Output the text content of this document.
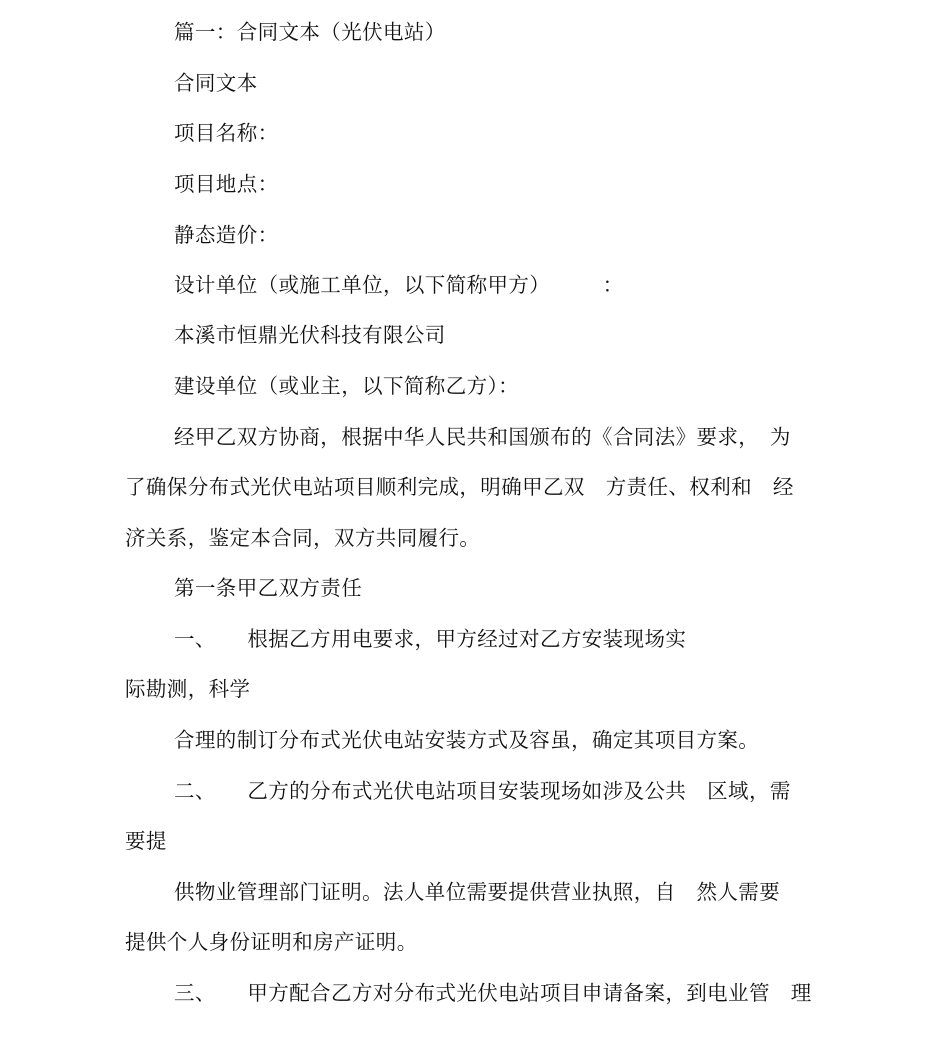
篇一：合同文本（光伏电站）
合同文本
项目名称：
项目地点：
静态造价：
设计单位（或施工单位，以下简称甲方）　　　：
本溪市恒鼎光伏科技有限公司
建设单位（或业主，以下简称乙方）：
经甲乙双方协商，根据中华人民共和国颁布的《合同法》要求，　为
了确保分布式光伏电站项目顺利完成，明确甲乙双　方责任、权利和　经
济关系，鉴定本合同，双方共同履行。
第一条甲乙双方责任
一、　　根据乙方用电要求，甲方经过对乙方安装现场实
际勘测，科学
合理的制订分布式光伏电站安装方式及容虽，确定其项目方案。
二、　　乙方的分布式光伏电站项目安装现场如涉及公共　区域，需
要提
供物业管理部门证明。法人单位需要提供营业执照，自　然人需要
提供个人身份证明和房产证明。
三、　　甲方配合乙方对分布式光伏电站项目申请备案，到电业管　理
